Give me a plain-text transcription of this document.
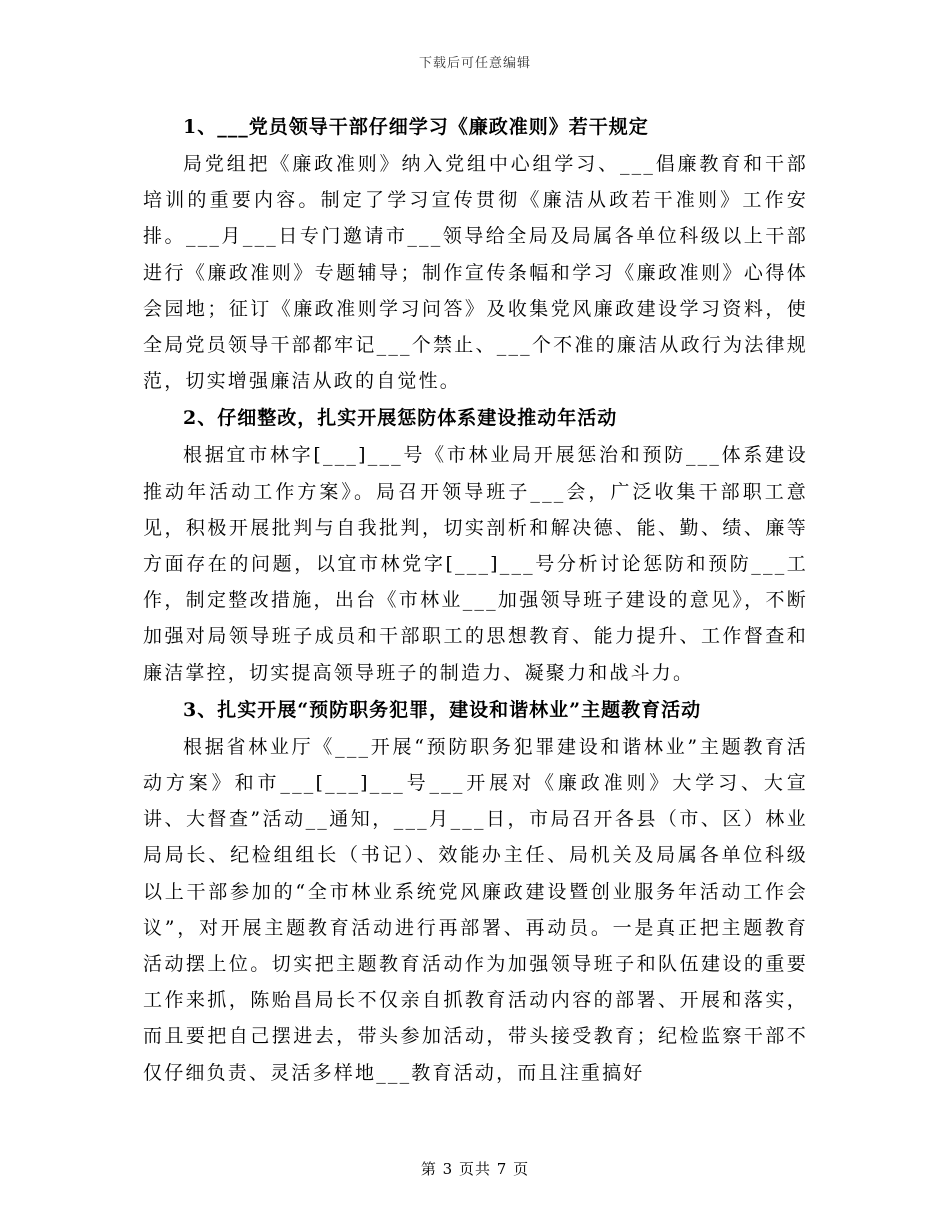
下载后可任意编辑

1、___党员领导干部仔细学习《廉政准则》若干规定

局党组把《廉政准则》纳入党组中心组学习、___倡廉教育和干部培训的重要内容。制定了学习宣传贯彻《廉洁从政若干准则》工作安排。___月___日专门邀请市___领导给全局及局属各单位科级以上干部进行《廉政准则》专题辅导；制作宣传条幅和学习《廉政准则》心得体会园地；征订《廉政准则学习问答》及收集党风廉政建设学习资料，使全局党员领导干部都牢记___个禁止、___个不准的廉洁从政行为法律规范，切实增强廉洁从政的自觉性。

2、仔细整改，扎实开展惩防体系建设推动年活动

根据宜市林字[___]___号《市林业局开展惩治和预防___体系建设推动年活动工作方案》。局召开领导班子___会，广泛收集干部职工意见，积极开展批判与自我批判，切实剖析和解决德、能、勤、绩、廉等方面存在的问题，以宜市林党字[___]___号分析讨论惩防和预防___工作，制定整改措施，出台《市林业___加强领导班子建设的意见》，不断加强对局领导班子成员和干部职工的思想教育、能力提升、工作督查和廉洁掌控，切实提高领导班子的制造力、凝聚力和战斗力。

3、扎实开展“预防职务犯罪，建设和谐林业”主题教育活动

根据省林业厅《___开展“预防职务犯罪建设和谐林业”主题教育活动方案》和市___[___]___号___开展对《廉政准则》大学习、大宣讲、大督查”活动__通知，___月___日，市局召开各县（市、区）林业局局长、纪检组组长（书记）、效能办主任、局机关及局属各单位科级以上干部参加的“全市林业系统党风廉政建设暨创业服务年活动工作会议”，对开展主题教育活动进行再部署、再动员。一是真正把主题教育活动摆上位。切实把主题教育活动作为加强领导班子和队伍建设的重要工作来抓，陈贻昌局长不仅亲自抓教育活动内容的部署、开展和落实，而且要把自己摆进去，带头参加活动，带头接受教育；纪检监察干部不仅仔细负责、灵活多样地___教育活动，而且注重搞好

第 3 页共 7 页
